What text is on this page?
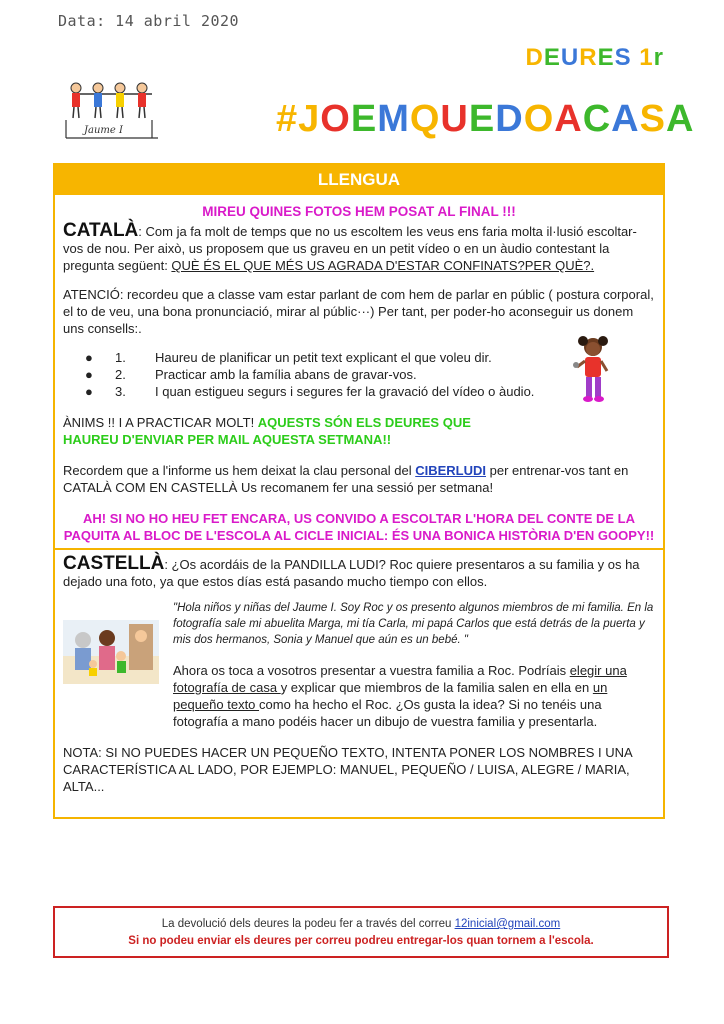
Data: 14 abril 2020
DEURES 1r
Jaume I	#JOEMQUEDOACASA
LLENGUA
MIREU QUINES FOTOS HEM POSAT AL FINAL !!!

CATALÀ: Com ja fa molt de temps que no us escoltem les veus ens faria molta il·lusió escoltar-vos de nou. Per això, us proposem que us graveu en un petit vídeo o en un àudio contestant la pregunta següent: QUÈ ÉS EL QUE MÉS US AGRADA D'ESTAR CONFINATS?PER QUÈ?.

ATENCIÓ: recordeu que a classe vam estar parlant de com hem de parlar en públic ( postura corporal, el to de veu, una bona pronunciació, mirar al públic···) Per tant, per poder-ho aconseguir us donem uns consells:.

●	1.	Haureu de planificar un petit text explicant el que voleu dir.
●	2.	Practicar amb la família abans de gravar-vos.
●	3.	I quan estigueu segurs i segures fer la gravació del vídeo o àudio.

ÀNIMS !! I A PRACTICAR MOLT! AQUESTS SÓN ELS DEURES QUE HAUREU D'ENVIAR PER MAIL AQUESTA SETMANA!!

Recordem que a l'informe us hem deixat la clau personal del CIBERLUDI per entrenar-vos tant en CATALÀ COM EN CASTELLÀ Us recomanem fer una sessió per setmana!

AH! SI NO HO HEU FET ENCARA, US CONVIDO A ESCOLTAR L'HORA DEL CONTE DE LA PAQUITA AL BLOC DE L'ESCOLA AL CICLE INICIAL: ÉS UNA BONICA HISTÒRIA D'EN GOOPY!!

CASTELLÀ: ¿Os acordáis de la PANDILLA LUDI? Roc quiere presentaros a su familia y os ha dejado una foto, ya que estos días está pasando mucho tiempo con ellos.

"Hola niños y niñas del Jaume I. Soy Roc y os presento algunos miembros de mi familia. En la fotografía sale mi abuelita Marga, mi tía Carla, mi papá Carlos que está detrás de la puerta y mis dos hermanos, Sonia y Manuel que aún es un bebé. "

Ahora os toca a vosotros presentar a vuestra familia a Roc. Podríais elegir una fotografía de casa y explicar que miembros de la familia salen en ella en un pequeño texto como ha hecho el Roc. ¿Os gusta la idea? Si no tenéis una fotografía a mano podéis hacer un dibujo de vuestra familia y presentarla.

NOTA: SI NO PUEDES HACER UN PEQUEÑO TEXTO, INTENTA PONER LOS NOMBRES I UNA CARACTERÍSTICA AL LADO, POR EJEMPLO: MANUEL, PEQUEÑO / LUISA, ALEGRE / MARIA, ALTA...

La devolució dels deures la podeu fer a través del correu 12inicial@gmail.com
Si no podeu enviar els deures per correu podreu entregar-los quan tornem a l'escola.
